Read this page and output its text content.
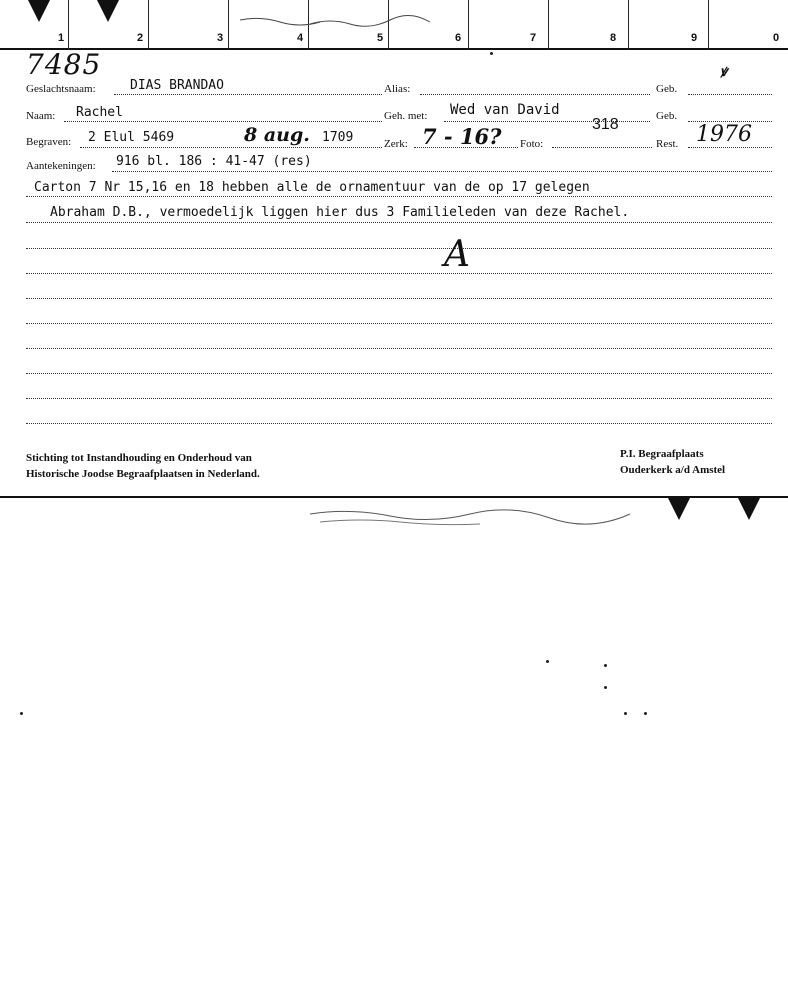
1	2	3	4	5	6	7	8	9	0
7485
Geslachtsnaam:	DIAS BRANDAO	Alias:	Geb.
ꝟ
Naam: Rachel	Geh. met: Wed van David	Geb.
Begraven: 2 Elul 5469	8 aug. 1709	Zerk: 7 - 16? Foto:
318
Rest. 1976
Aantekeningen: 916 bl. 186 : 41-47 (res)
Carton 7 Nr 15,16 en 18 hebben alle de ornamentuur van de op 17 gelegen
Abraham D.B., vermoedelijk liggen hier dus 3 Familieleden van deze Rachel.
A
Stichting tot Instandhouding en Onderhoud van
Historische Joodse Begraafplaatsen in Nederland.
P.I. Begraafplaats
Ouderkerk a/d Amstel
